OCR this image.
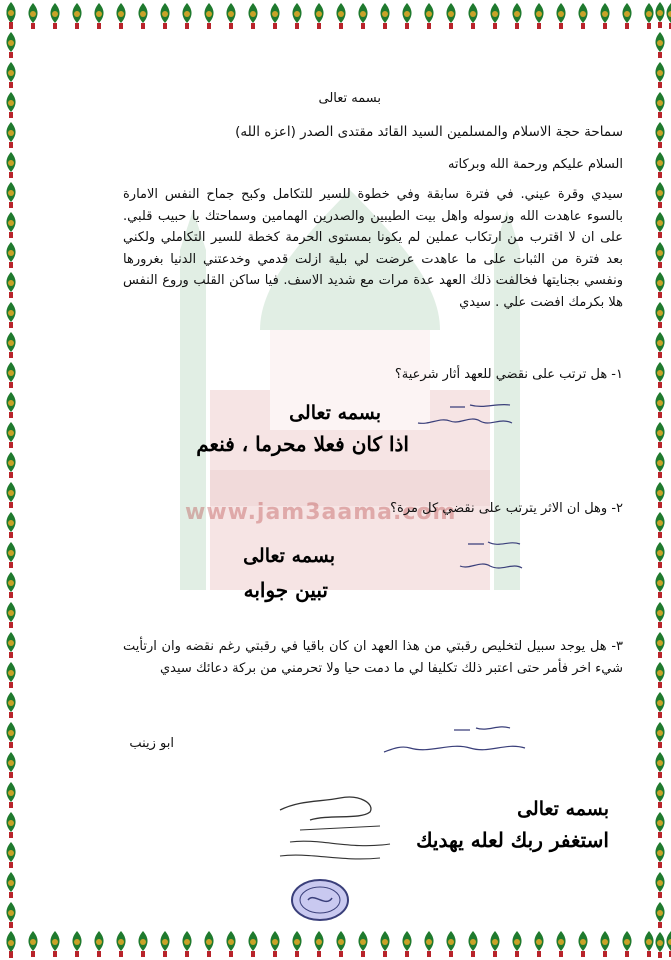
www.jam3aama.com
بسمه تعالى
سماحة حجة الاسلام والمسلمين السيد القائد مقتدى الصدر (اعزه الله)
السلام عليكم ورحمة الله وبركاته
سيدي وقرة عيني. في فترة سابقة وفي خطوة للسير للتكامل وكبح جماح النفس الامارة بالسوء عاهدت الله ورسوله واهل بيت الطيبين والصدرين الهمامين وسماحتك يا حبيب قلبي. على ان لا اقترب من ارتكاب عملين لم يكونا بمستوى الحرمة كخطة للسير التكاملي ولكني بعد فترة من الثبات على ما عاهدت عرضت لي بلية ازلت قدمي وخدعتني الدنيا بغرورها ونفسي بجنايتها فخالفت ذلك العهد عدة مرات مع شديد الاسف. فيا ساكن القلب وروع النفس هلا بكرمك افضت علي . سيدي
١- هل ترتب على نقضي للعهد أثار شرعية؟
بسمه تعالى
اذا كان فعلا محرما ، فنعم
٢- وهل ان الاثر يترتب على نقضي كل مرة؟
بسمه تعالى
تبين جوابه
٣- هل يوجد سبيل لتخليص رقبتي من هذا العهد ان كان باقيا في رقبتي رغم نقضه وان ارتأيت شيء اخر فأمر حتى اعتبر ذلك تكليفا لي ما دمت حيا ولا تحرمني من بركة دعائك سيدي
ابو زينب
بسمه تعالى
استغفر ربك لعله يهديك
